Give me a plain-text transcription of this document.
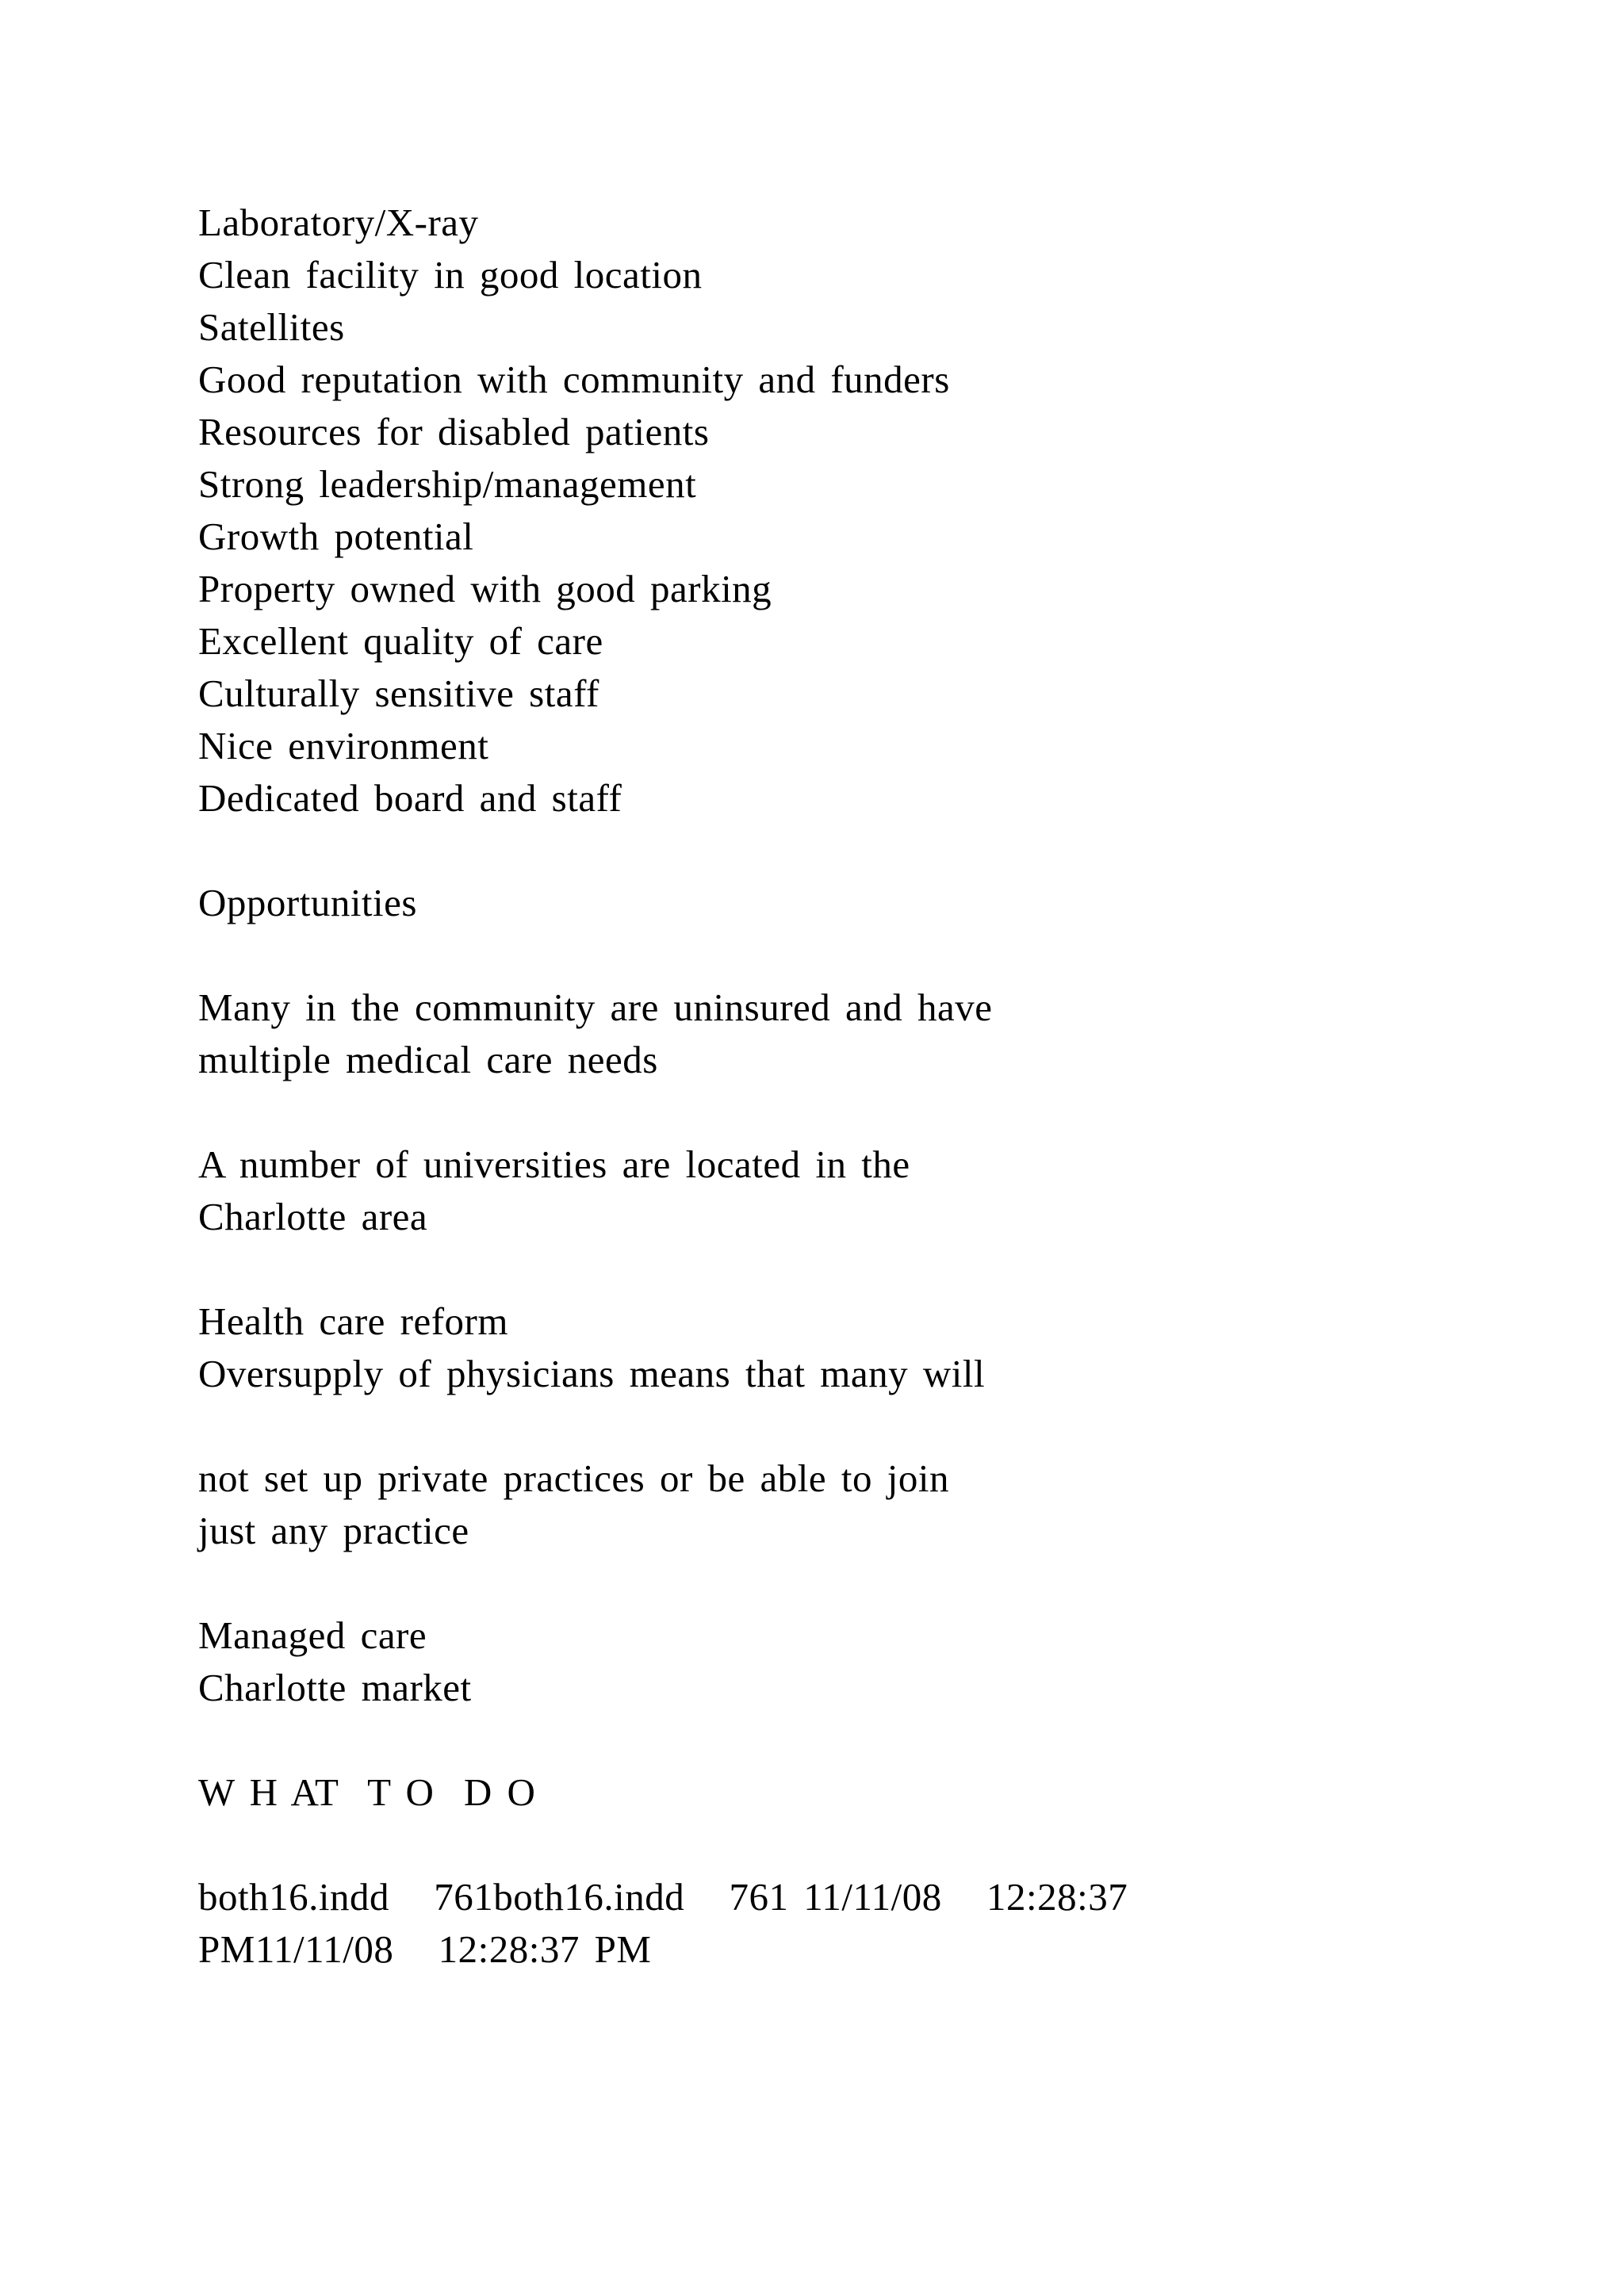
Laboratory/X-ray
Clean facility in good location
Satellites
Good reputation with community and funders
Resources for disabled patients
Strong leadership/management
Growth potential
Property owned with good parking
Excellent quality of care
Culturally sensitive staff
Nice environment
Dedicated board and staff
Opportunities
Many in the community are uninsured and have
multiple medical care needs
A number of universities are located in the
Charlotte area
Health care reform
Oversupply of physicians means that many will
not set up private practices or be able to join
just any practice
Managed care
Charlotte market
W H AT  T O  D O
both16.indd   761both16.indd   761 11/11/08   12:28:37
PM11/11/08   12:28:37 PM
